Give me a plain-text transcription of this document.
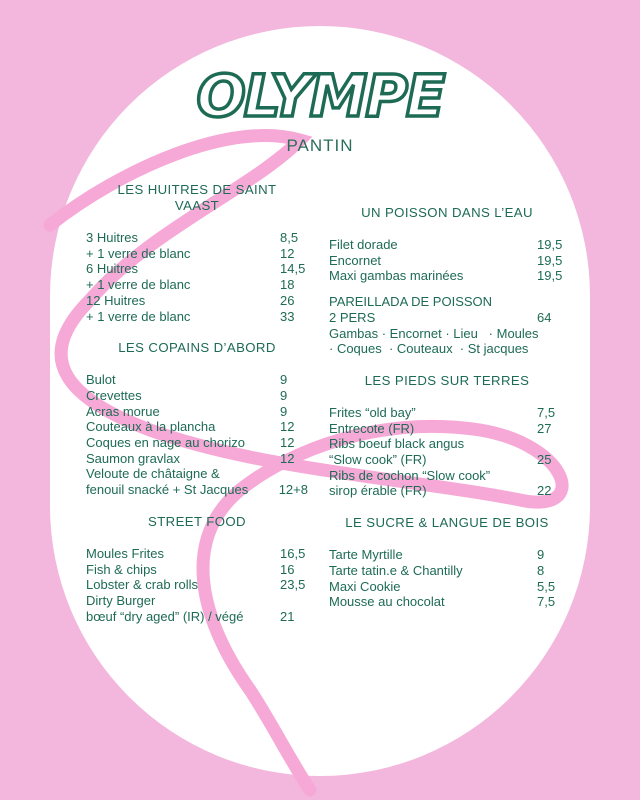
OLYMPE
PANTIN
LES HUITRES DE SAINT VAAST
3 Huitres	8,5
+ 1 verre de blanc	12
6 Huitres	14,5
+ 1 verre de blanc	18
12 Huitres	26
+ 1 verre de blanc	33
LES COPAINS D’ABORD
Bulot	9
Crevettes	9
Acras morue	9
Couteaux à la plancha	12
Coques en nage au chorizo	12
Saumon gravlax	12
Veloute de châtaigne &
fenouil snacké + St Jacques 12+8
STREET FOOD
Moules Frites	16,5
Fish & chips	16
Lobster & crab rolls	23,5
Dirty Burger
bœuf “dry aged” (IR) / végé	21
UN POISSON DANS L’EAU
Filet dorade	19,5
Encornet	19,5
Maxi gambas marinées	19,5
PAREILLADA DE POISSON
2 PERS	64
Gambas · Encornet · Lieu   · Moules
· Coques  · Couteaux  · St jacques
LES PIEDS SUR TERRES
Frites “old bay”	7,5
Entrecote (FR)	27
Ribs boeuf black angus
“Slow cook” (FR)	25
Ribs de cochon “Slow cook”
sirop érable (FR)	22
LE SUCRE & LANGUE DE BOIS
Tarte Myrtille	9
Tarte tatin.e & Chantilly	8
Maxi Cookie	5,5
Mousse au chocolat	7,5
